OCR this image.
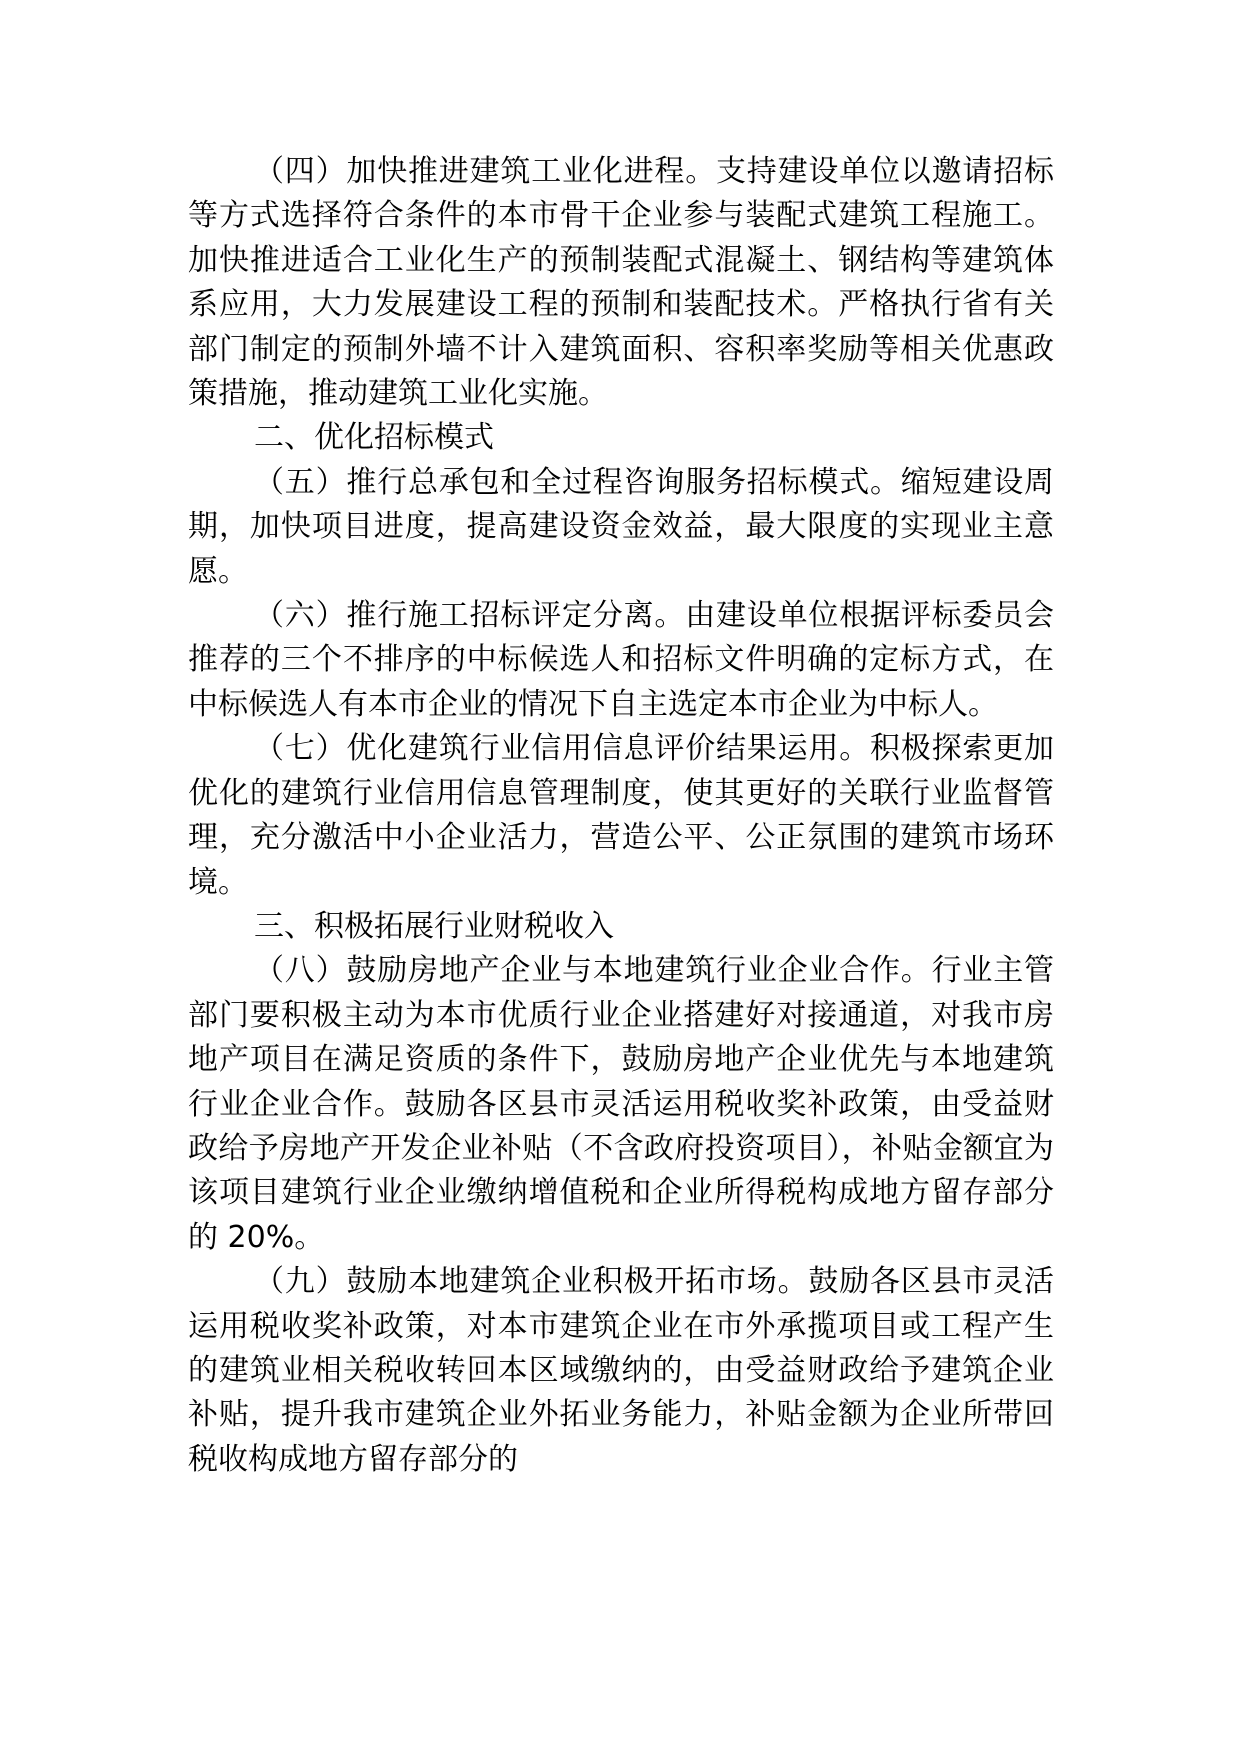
（四）加快推进建筑工业化进程。支持建设单位以邀请招标等方式选择符合条件的本市骨干企业参与装配式建筑工程施工。加快推进适合工业化生产的预制装配式混凝土、钢结构等建筑体系应用，大力发展建设工程的预制和装配技术。严格执行省有关部门制定的预制外墙不计入建筑面积、容积率奖励等相关优惠政策措施，推动建筑工业化实施。

二、优化招标模式

（五）推行总承包和全过程咨询服务招标模式。缩短建设周期，加快项目进度，提高建设资金效益，最大限度的实现业主意愿。

（六）推行施工招标评定分离。由建设单位根据评标委员会推荐的三个不排序的中标候选人和招标文件明确的定标方式，在中标候选人有本市企业的情况下自主选定本市企业为中标人。

（七）优化建筑行业信用信息评价结果运用。积极探索更加优化的建筑行业信用信息管理制度，使其更好的关联行业监督管理，充分激活中小企业活力，营造公平、公正氛围的建筑市场环境。

三、积极拓展行业财税收入

（八）鼓励房地产企业与本地建筑行业企业合作。行业主管部门要积极主动为本市优质行业企业搭建好对接通道，对我市房地产项目在满足资质的条件下，鼓励房地产企业优先与本地建筑行业企业合作。鼓励各区县市灵活运用税收奖补政策，由受益财政给予房地产开发企业补贴（不含政府投资项目），补贴金额宜为该项目建筑行业企业缴纳增值税和企业所得税构成地方留存部分的 20%。

（九）鼓励本地建筑企业积极开拓市场。鼓励各区县市灵活运用税收奖补政策，对本市建筑企业在市外承揽项目或工程产生的建筑业相关税收转回本区域缴纳的，由受益财政给予建筑企业补贴，提升我市建筑企业外拓业务能力，补贴金额为企业所带回税收构成地方留存部分的
